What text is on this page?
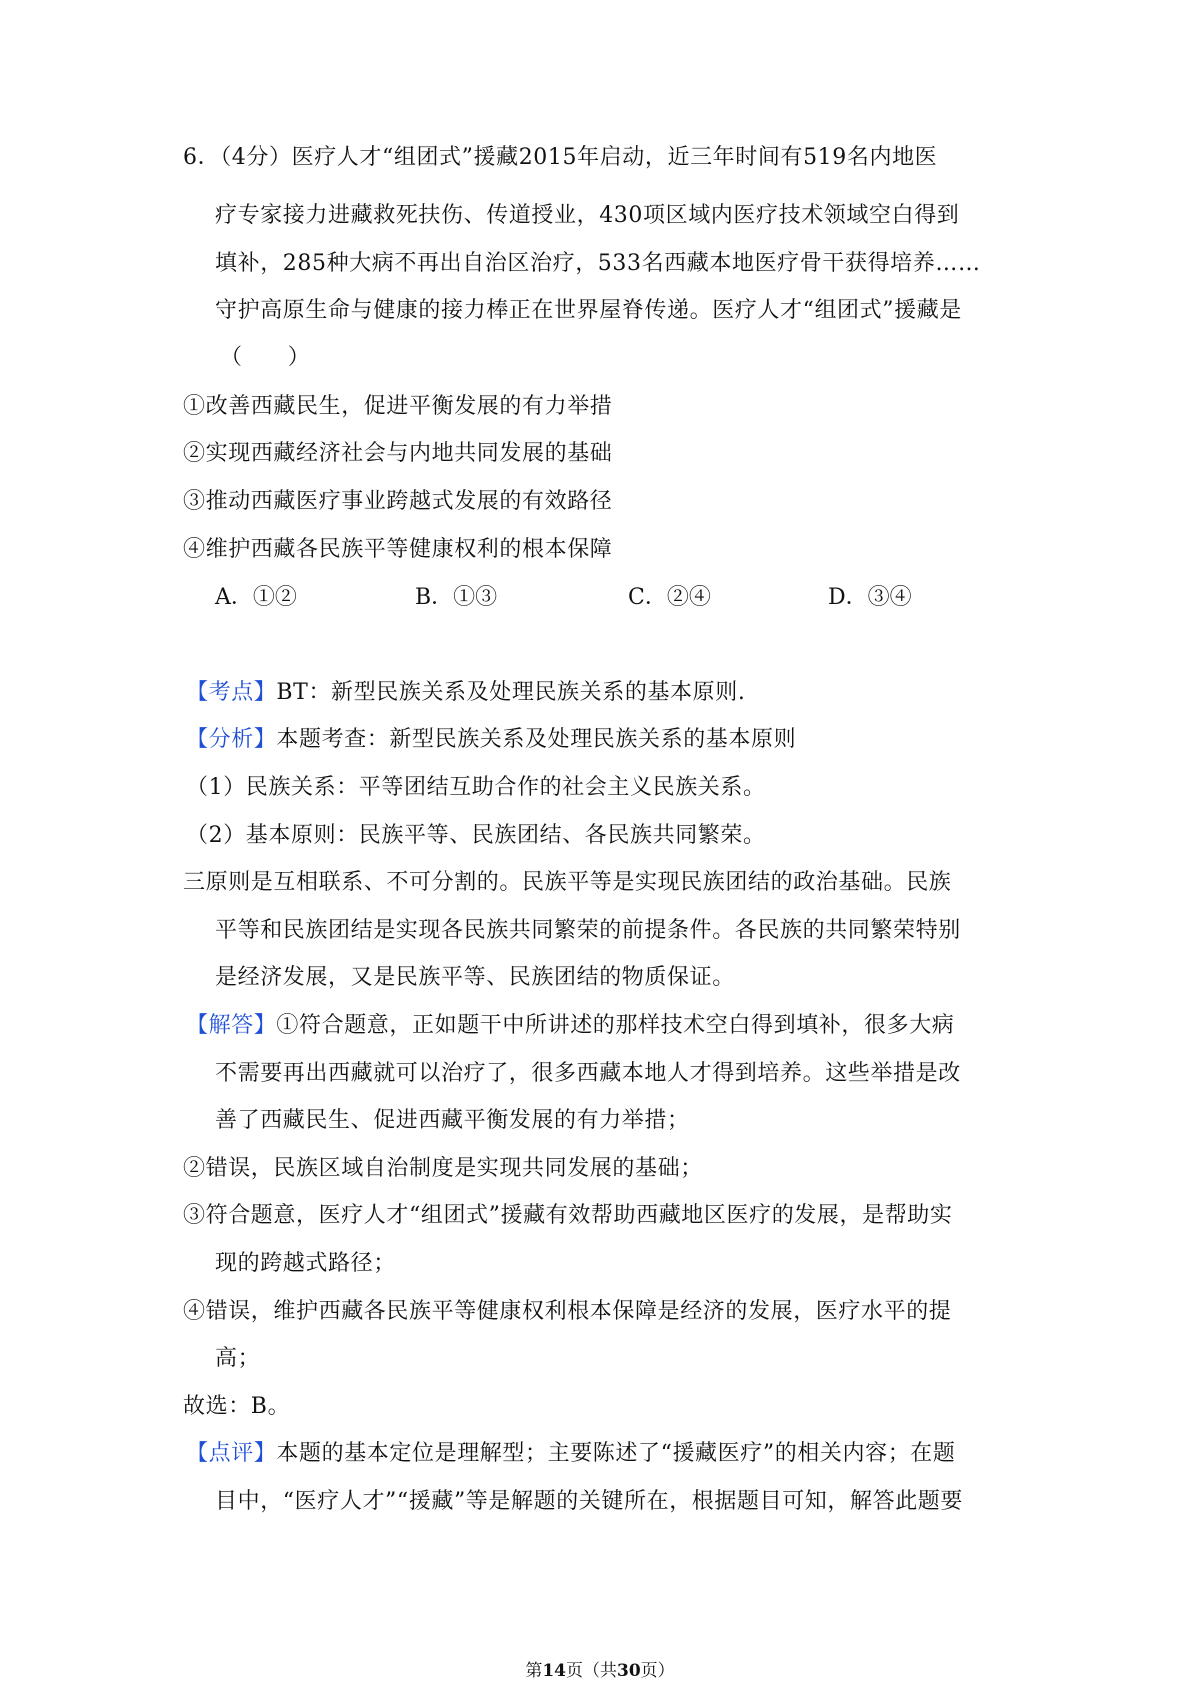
6．（4分）医疗人才“组团式”援藏2015年启动，近三年时间有519名内地医
疗专家接力进藏救死扶伤、传道授业，430项区域内医疗技术领域空白得到
填补，285种大病不再出自治区治疗，533名西藏本地医疗骨干获得培养……
守护高原生命与健康的接力棒正在世界屋脊传递。医疗人才“组团式”援藏是
（　　）
①改善西藏民生，促进平衡发展的有力举措
②实现西藏经济社会与内地共同发展的基础
③推动西藏医疗事业跨越式发展的有效路径
④维护西藏各民族平等健康权利的根本保障
A．①②	B．①③	C．②④	D．③④
【考点】BT：新型民族关系及处理民族关系的基本原则.
【分析】本题考查：新型民族关系及处理民族关系的基本原则
（1）民族关系：平等团结互助合作的社会主义民族关系。
（2）基本原则：民族平等、民族团结、各民族共同繁荣。
三原则是互相联系、不可分割的。民族平等是实现民族团结的政治基础。民族
平等和民族团结是实现各民族共同繁荣的前提条件。各民族的共同繁荣特别
是经济发展，又是民族平等、民族团结的物质保证。
【解答】①符合题意，正如题干中所讲述的那样技术空白得到填补，很多大病
不需要再出西藏就可以治疗了，很多西藏本地人才得到培养。这些举措是改
善了西藏民生、促进西藏平衡发展的有力举措；
②错误，民族区域自治制度是实现共同发展的基础；
③符合题意，医疗人才“组团式”援藏有效帮助西藏地区医疗的发展，是帮助实
现的跨越式路径；
④错误，维护西藏各民族平等健康权利根本保障是经济的发展，医疗水平的提
高；
故选：B。
【点评】本题的基本定位是理解型；主要陈述了“援藏医疗”的相关内容；在题
目中，“医疗人才”“援藏”等是解题的关键所在，根据题目可知，解答此题要
第14页（共30页）
